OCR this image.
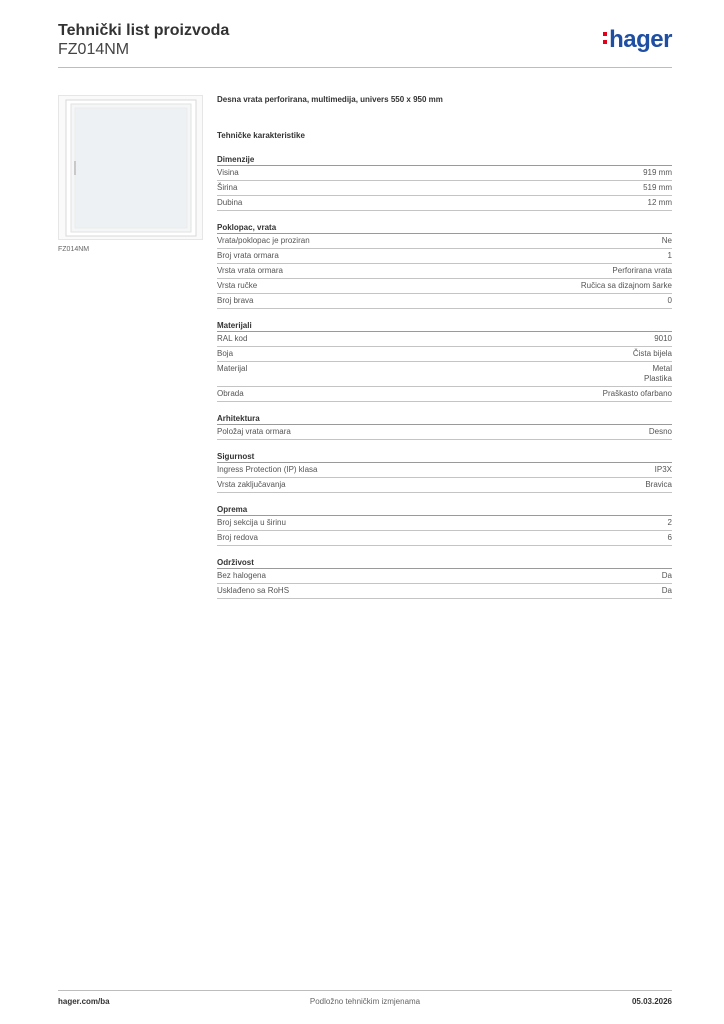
Tehnički list proizvoda
FZ014NM	hager
FZ014NM
Desna vrata perforirana, multimedija, univers 550 x 950 mm
Tehničke karakteristike
Dimenzije
Visina	919 mm
Širina	519 mm
Dubina	12 mm
Poklopac, vrata
Vrata/poklopac je proziran	Ne
Broj vrata ormara	1
Vrsta vrata ormara	Perforirana vrata
Vrsta ručke	Ručica sa dizajnom šarke
Broj brava	0
Materijali
RAL kod	9010
Boja	Čista bijela
Materijal	Metal
Plastika
Obrada	Praškasto ofarbano
Arhitektura
Položaj vrata ormara	Desno
Sigurnost
Ingress Protection (IP) klasa	IP3X
Vrsta zaključavanja	Bravica
Oprema
Broj sekcija u širinu	2
Broj redova	6
Održivost
Bez halogena	Da
Usklađeno sa RoHS	Da
Podložno tehničkim izmjenama
hager.com/ba	05.03.2026
